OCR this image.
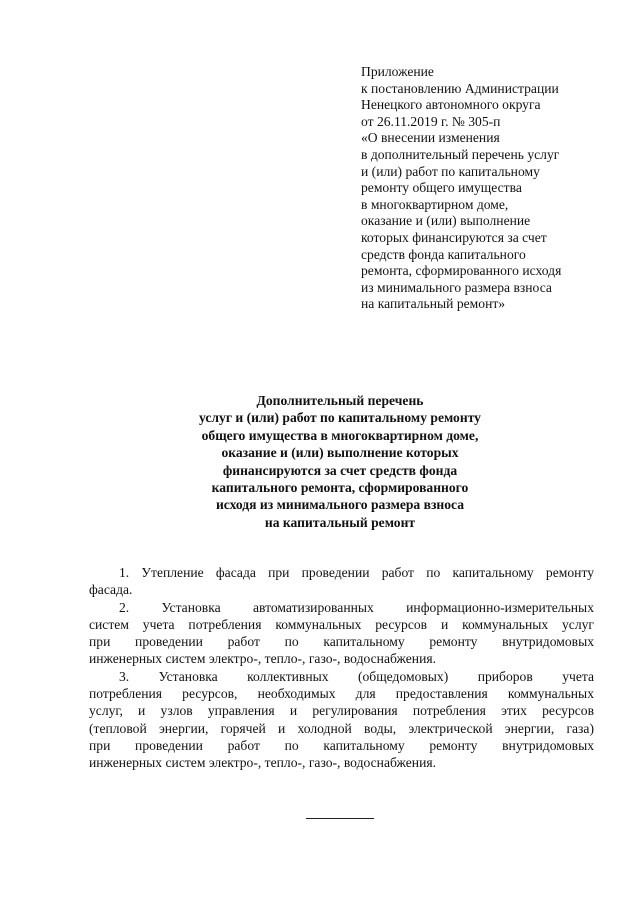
Приложение
к постановлению Администрации
Ненецкого автономного округа
от 26.11.2019 г. № 305-п
«О внесении изменения
в дополнительный перечень услуг
и (или) работ по капитальному
ремонту общего имущества
в многоквартирном доме,
оказание и (или) выполнение
которых финансируются за счет
средств фонда капитального
ремонта, сформированного исходя
из минимального размера взноса
на капитальный ремонт»
Дополнительный перечень
услуг и (или) работ по капитальному ремонту
общего имущества в многоквартирном доме,
оказание и (или) выполнение которых
финансируются за счет средств фонда
капитального ремонта, сформированного
исходя из минимального размера взноса
на капитальный ремонт
1. Утепление фасада при проведении работ по капитальному ремонту
фасада.
2. Установка автоматизированных информационно-измерительных
систем учета потребления коммунальных ресурсов и коммунальных услуг
при проведении работ по капитальному ремонту внутридомовых
инженерных систем электро-, тепло-, газо-, водоснабжения.
3. Установка коллективных (общедомовых) приборов учета
потребления ресурсов, необходимых для предоставления коммунальных
услуг, и узлов управления и регулирования потребления этих ресурсов
(тепловой энергии, горячей и холодной воды, электрической энергии, газа)
при проведении работ по капитальному ремонту внутридомовых
инженерных систем электро-, тепло-, газо-, водоснабжения.
